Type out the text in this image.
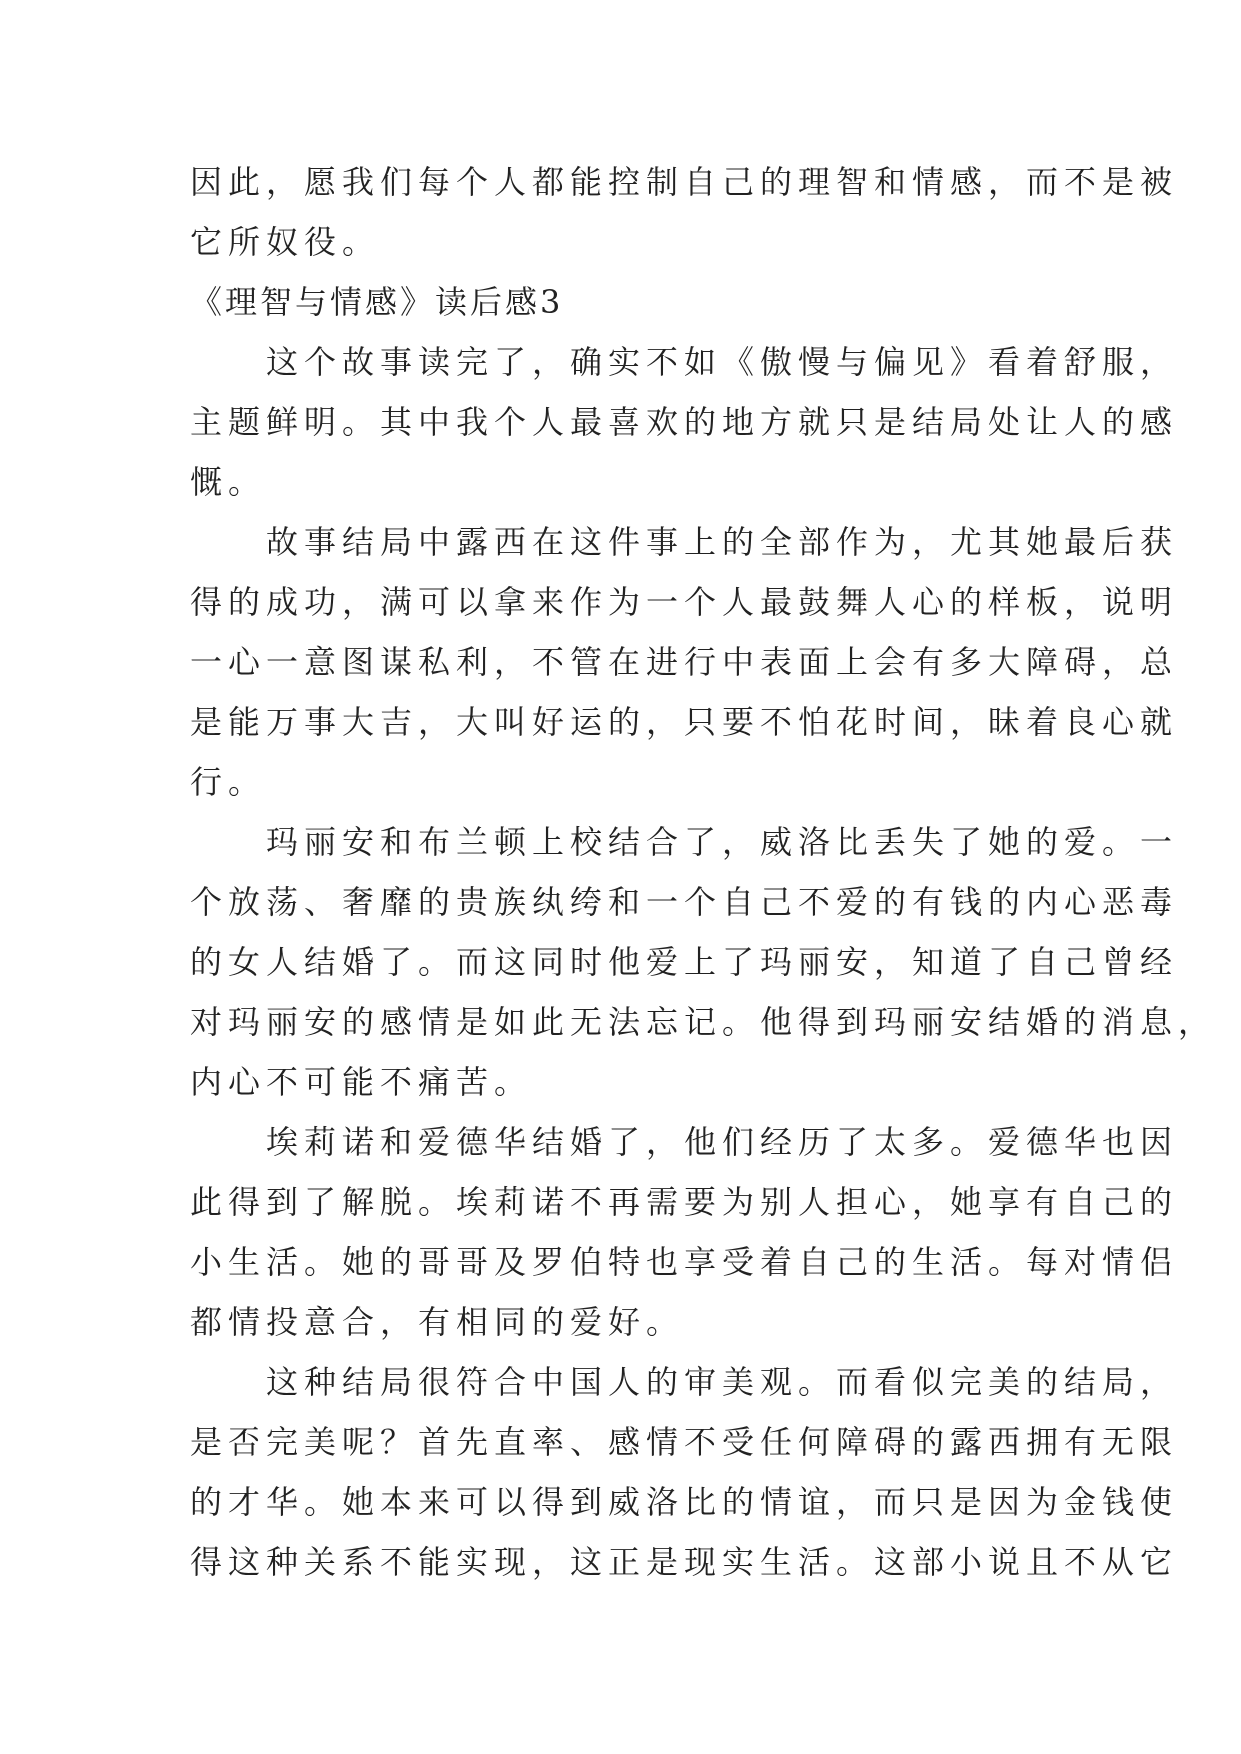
因此，愿我们每个人都能控制自己的理智和情感，而不是被
它所奴役。
《理智与情感》读后感3
　　这个故事读完了，确实不如《傲慢与偏见》看着舒服，
主题鲜明。其中我个人最喜欢的地方就只是结局处让人的感
慨。
　　故事结局中露西在这件事上的全部作为，尤其她最后获
得的成功，满可以拿来作为一个人最鼓舞人心的样板，说明
一心一意图谋私利，不管在进行中表面上会有多大障碍，总
是能万事大吉，大叫好运的，只要不怕花时间，昧着良心就
行。
　　玛丽安和布兰顿上校结合了，威洛比丢失了她的爱。一
个放荡、奢靡的贵族纨绔和一个自己不爱的有钱的内心恶毒
的女人结婚了。而这同时他爱上了玛丽安，知道了自己曾经
对玛丽安的感情是如此无法忘记。他得到玛丽安结婚的消息，
内心不可能不痛苦。
　　埃莉诺和爱德华结婚了，他们经历了太多。爱德华也因
此得到了解脱。埃莉诺不再需要为别人担心，她享有自己的
小生活。她的哥哥及罗伯特也享受着自己的生活。每对情侣
都情投意合，有相同的爱好。
　　这种结局很符合中国人的审美观。而看似完美的结局，
是否完美呢？首先直率、感情不受任何障碍的露西拥有无限
的才华。她本来可以得到威洛比的情谊，而只是因为金钱使
得这种关系不能实现，这正是现实生活。这部小说且不从它
